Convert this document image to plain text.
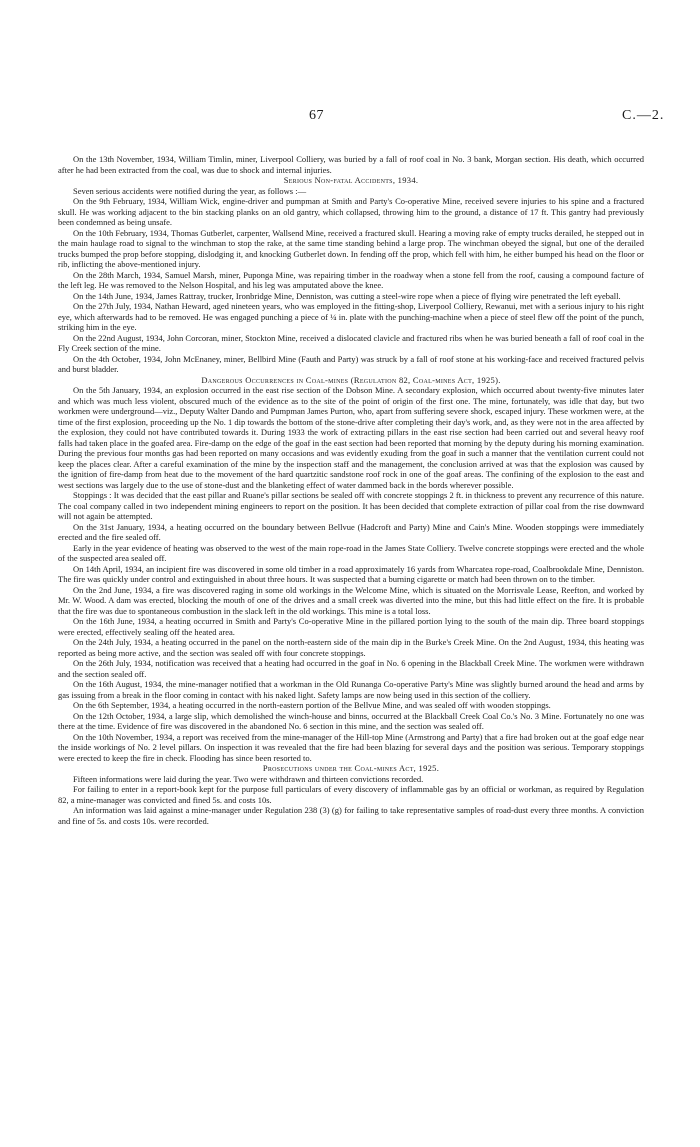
67	C.—2.

On the 13th November, 1934, William Timlin, miner, Liverpool Colliery, was buried by a fall of roof coal in No. 3 bank, Morgan section. His death, which occurred after he had been extracted from the coal, was due to shock and internal injuries.

Serious Non-fatal Accidents, 1934.

Seven serious accidents were notified during the year, as follows :—

On the 9th February, 1934, William Wick, engine-driver and pumpman at Smith and Party's Co-operative Mine, received severe injuries to his spine and a fractured skull. He was working adjacent to the bin stacking planks on an old gantry, which collapsed, throwing him to the ground, a distance of 17 ft. This gantry had previously been condemned as being unsafe.

On the 10th February, 1934, Thomas Gutberlet, carpenter, Wallsend Mine, received a fractured skull. Hearing a moving rake of empty trucks derailed, he stepped out in the main haulage road to signal to the winchman to stop the rake, at the same time standing behind a large prop. The winchman obeyed the signal, but one of the derailed trucks bumped the prop before stopping, dislodging it, and knocking Gutberlet down. In fending off the prop, which fell with him, he either bumped his head on the floor or rib, inflicting the above-mentioned injury.

On the 28th March, 1934, Samuel Marsh, miner, Puponga Mine, was repairing timber in the roadway when a stone fell from the roof, causing a compound facture of the left leg. He was removed to the Nelson Hospital, and his leg was amputated above the knee.

On the 14th June, 1934, James Rattray, trucker, Ironbridge Mine, Denniston, was cutting a steel-wire rope when a piece of flying wire penetrated the left eyeball.

On the 27th July, 1934, Nathan Heward, aged nineteen years, who was employed in the fitting-shop, Liverpool Colliery, Rewanui, met with a serious injury to his right eye, which afterwards had to be removed. He was engaged punching a piece of ¼ in. plate with the punching-machine when a piece of steel flew off the point of the punch, striking him in the eye.

On the 22nd August, 1934, John Corcoran, miner, Stockton Mine, received a dislocated clavicle and fractured ribs when he was buried beneath a fall of roof coal in the Fly Creek section of the mine.

On the 4th October, 1934, John McEnaney, miner, Bellbird Mine (Fauth and Party) was struck by a fall of roof stone at his working-face and received fractured pelvis and burst bladder.

Dangerous Occurrences in Coal-mines (Regulation 82, Coal-mines Act, 1925).

On the 5th January, 1934, an explosion occurred in the east rise section of the Dobson Mine. A secondary explosion, which occurred about twenty-five minutes later and which was much less violent, obscured much of the evidence as to the site of the point of origin of the first one. The mine, fortunately, was idle that day, but two workmen were underground—viz., Deputy Walter Dando and Pumpman James Purton, who, apart from suffering severe shock, escaped injury. These workmen were, at the time of the first explosion, proceeding up the No. 1 dip towards the bottom of the stone-drive after completing their day's work, and, as they were not in the area affected by the explosion, they could not have contributed towards it. During 1933 the work of extracting pillars in the east rise section had been carried out and several heavy roof falls had taken place in the goafed area. Fire-damp on the edge of the goaf in the east section had been reported that morning by the deputy during his morning examination. During the previous four months gas had been reported on many occasions and was evidently exuding from the goaf in such a manner that the ventilation current could not keep the places clear. After a careful examination of the mine by the inspection staff and the management, the conclusion arrived at was that the explosion was caused by the ignition of fire-damp from heat due to the movement of the hard quartzitic sandstone roof rock in one of the goaf areas. The confining of the explosion to the east and west sections was largely due to the use of stone-dust and the blanketing effect of water dammed back in the bords wherever possible.

Stoppings : It was decided that the east pillar and Ruane's pillar sections be sealed off with concrete stoppings 2 ft. in thickness to prevent any recurrence of this nature. The coal company called in two independent mining engineers to report on the position. It has been decided that complete extraction of pillar coal from the rise downward will not again be attempted.

On the 31st January, 1934, a heating occurred on the boundary between Bellvue (Hadcroft and Party) Mine and Cain's Mine. Wooden stoppings were immediately erected and the fire sealed off.

Early in the year evidence of heating was observed to the west of the main rope-road in the James State Colliery. Twelve concrete stoppings were erected and the whole of the suspected area sealed off.

On 14th April, 1934, an incipient fire was discovered in some old timber in a road approximately 16 yards from Wharcatea rope-road, Coalbrookdale Mine, Denniston. The fire was quickly under control and extinguished in about three hours. It was suspected that a burning cigarette or match had been thrown on to the timber.

On the 2nd June, 1934, a fire was discovered raging in some old workings in the Welcome Mine, which is situated on the Morrisvale Lease, Reefton, and worked by Mr. W. Wood. A dam was erected, blocking the mouth of one of the drives and a small creek was diverted into the mine, but this had little effect on the fire. It is probable that the fire was due to spontaneous combustion in the slack left in the old workings. This mine is a total loss.

On the 16th June, 1934, a heating occurred in Smith and Party's Co-operative Mine in the pillared portion lying to the south of the main dip. Three board stoppings were erected, effectively sealing off the heated area.

On the 24th July, 1934, a heating occurred in the panel on the north-eastern side of the main dip in the Burke's Creek Mine. On the 2nd August, 1934, this heating was reported as being more active, and the section was sealed off with four concrete stoppings.

On the 26th July, 1934, notification was received that a heating had occurred in the goaf in No. 6 opening in the Blackball Creek Mine. The workmen were withdrawn and the section sealed off.

On the 16th August, 1934, the mine-manager notified that a workman in the Old Runanga Co-operative Party's Mine was slightly burned around the head and arms by gas issuing from a break in the floor coming in contact with his naked light. Safety lamps are now being used in this section of the colliery.

On the 6th September, 1934, a heating occurred in the north-eastern portion of the Bellvue Mine, and was sealed off with wooden stoppings.

On the 12th October, 1934, a large slip, which demolished the winch-house and binns, occurred at the Blackball Creek Coal Co.'s No. 3 Mine. Fortunately no one was there at the time. Evidence of fire was discovered in the abandoned No. 6 section in this mine, and the section was sealed off.

On the 10th November, 1934, a report was received from the mine-manager of the Hill-top Mine (Armstrong and Party) that a fire had broken out at the goaf edge near the inside workings of No. 2 level pillars. On inspection it was revealed that the fire had been blazing for several days and the position was serious. Temporary stoppings were erected to keep the fire in check. Flooding has since been resorted to.

Prosecutions under the Coal-mines Act, 1925.

Fifteen informations were laid during the year. Two were withdrawn and thirteen convictions recorded.

For failing to enter in a report-book kept for the purpose full particulars of every discovery of inflammable gas by an official or workman, as required by Regulation 82, a mine-manager was convicted and fined 5s. and costs 10s.

An information was laid against a mine-manager under Regulation 238 (3) (g) for failing to take representative samples of road-dust every three months. A conviction and fine of 5s. and costs 10s. were recorded.
